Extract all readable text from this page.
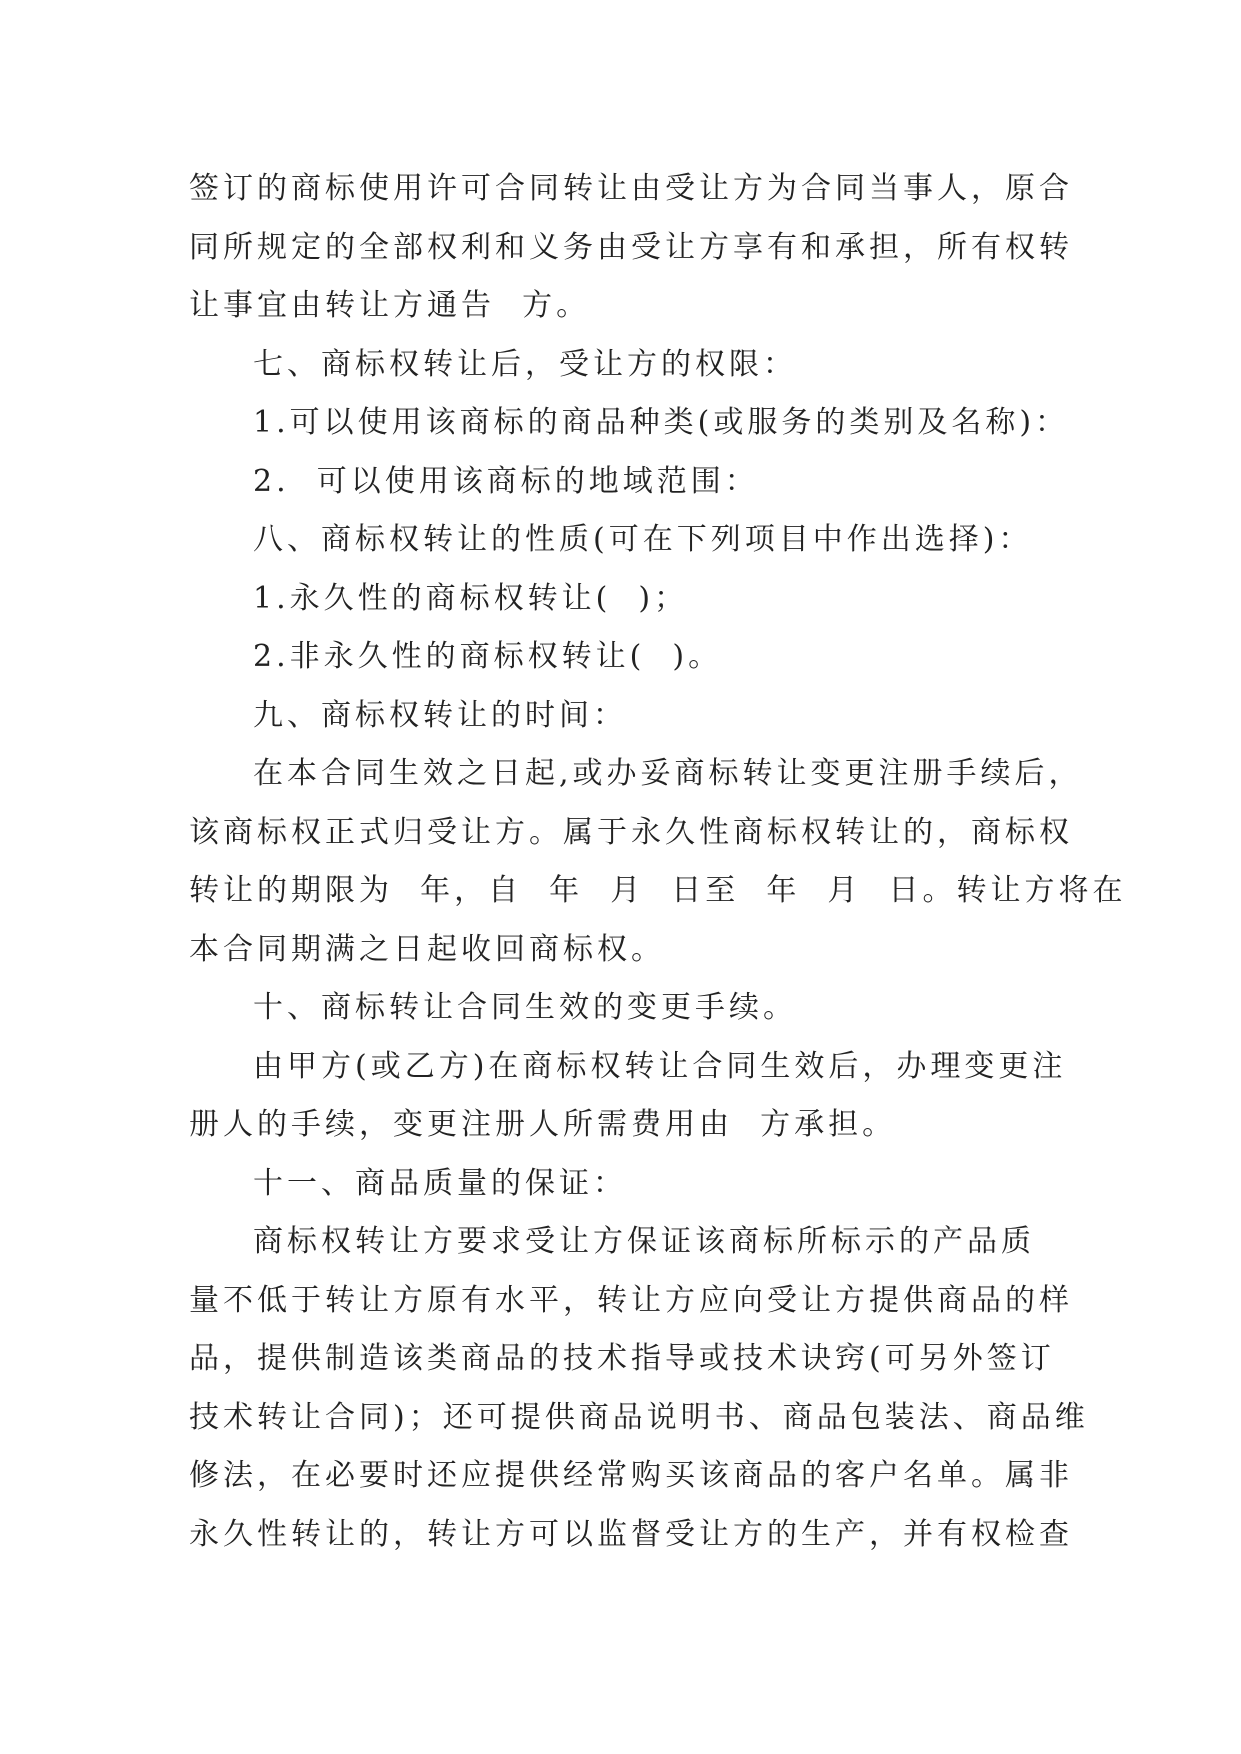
签订的商标使用许可合同转让由受让方为合同当事人，原合
同所规定的全部权利和义务由受让方享有和承担，所有权转
让事宜由转让方通告  方。
七、商标权转让后，受让方的权限：
1.可以使用该商标的商品种类(或服务的类别及名称)：
2.  可以使用该商标的地域范围：
八、商标权转让的性质(可在下列项目中作出选择)：
1.永久性的商标权转让(  )；
2.非永久性的商标权转让(  )。
九、商标权转让的时间：
在本合同生效之日起,或办妥商标转让变更注册手续后，
该商标权正式归受让方。属于永久性商标权转让的，商标权
转让的期限为  年，自  年  月  日至  年  月  日。转让方将在
本合同期满之日起收回商标权。
十、商标转让合同生效的变更手续。
由甲方(或乙方)在商标权转让合同生效后，办理变更注
册人的手续，变更注册人所需费用由  方承担。
十一、商品质量的保证：
商标权转让方要求受让方保证该商标所标示的产品质
量不低于转让方原有水平，转让方应向受让方提供商品的样
品，提供制造该类商品的技术指导或技术诀窍(可另外签订
技术转让合同)；还可提供商品说明书、商品包装法、商品维
修法，在必要时还应提供经常购买该商品的客户名单。属非
永久性转让的，转让方可以监督受让方的生产，并有权检查
